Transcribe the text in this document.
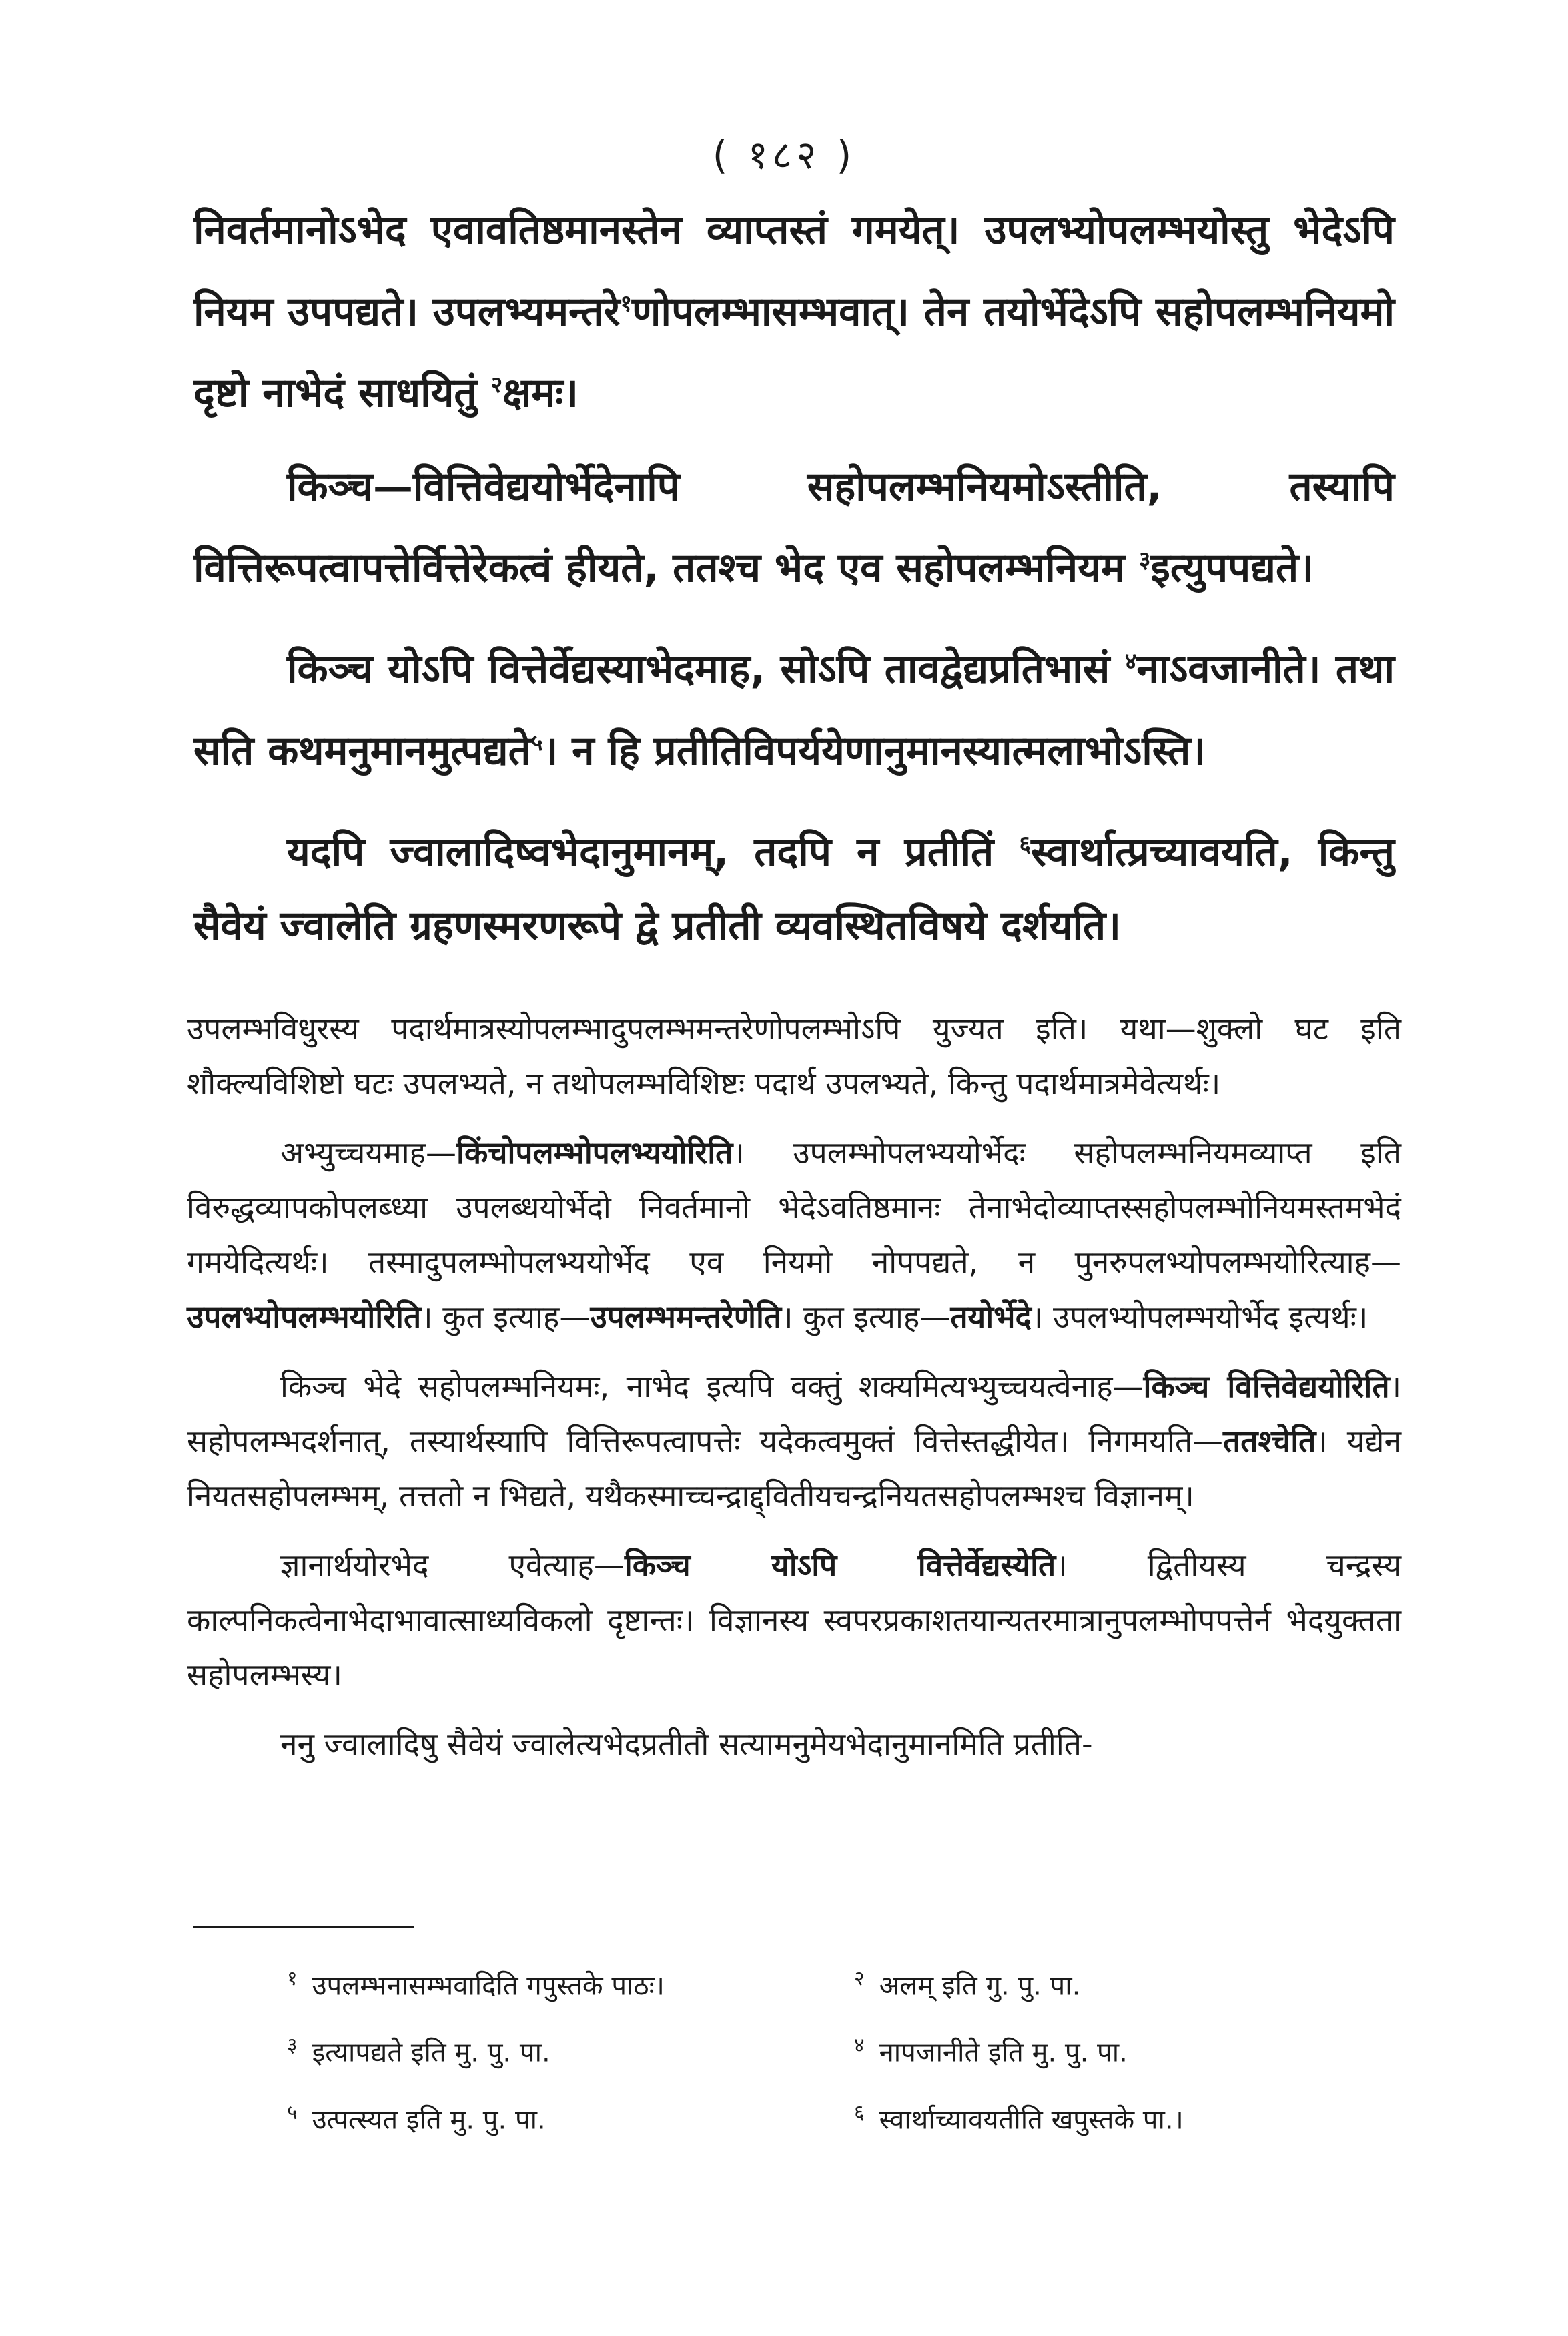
( १८२ )

निवर्तमानोऽभेद एवावतिष्ठमानस्तेन व्याप्तस्तं गमयेत्। उपलभ्योपलम्भयोस्तु भेदेऽपि नियम उपपद्यते। उपलभ्यमन्तरे$^१$णोपलम्भासम्भवात्। तेन तयोर्भेदेऽपि सहोपलम्भनियमो दृष्टो नाभेदं साधयितुं $^२$क्षमः।

किञ्च—वित्तिवेद्ययोर्भेदेनापि सहोपलम्भनियमोऽस्तीति, तस्यापि वित्तिरूपत्वापत्तेर्वित्तेरेकत्वं हीयते, ततश्च भेद एव सहोपलम्भनियम $^३$इत्युपपद्यते।

किञ्च योऽपि वित्तेर्वेद्यस्याभेदमाह, सोऽपि तावद्वेद्यप्रतिभासं $^४$नाऽवजानीते। तथा सति कथमनुमानमुत्पद्यते$^५$। न हि प्रतीतिविपर्ययेणानुमानस्यात्मलाभोऽस्ति।

यदपि ज्वालादिष्वभेदानुमानम्, तदपि न प्रतीतिं $^६$स्वार्थात्प्रच्यावयति, किन्तु सैवेयं ज्वालेति ग्रहणस्मरणरूपे द्वे प्रतीती व्यवस्थितविषये दर्शयति।

उपलम्भविधुरस्य पदार्थमात्रस्योपलम्भादुपलम्भमन्तरेणोपलम्भोऽपि युज्यत इति। यथा—शुक्लो घट इति शौक्ल्यविशिष्टो घटः उपलभ्यते, न तथोपलम्भविशिष्टः पदार्थ उपलभ्यते, किन्तु पदार्थमात्रमेवेत्यर्थः।

अभ्युच्चयमाह—किंचोपलम्भोपलभ्ययोरिति। उपलम्भोपलभ्ययोर्भेदः सहोपलम्भनियमव्याप्त इति विरुद्धव्यापकोपलब्ध्या उपलब्धयोर्भेदो निवर्तमानो भेदेऽवतिष्ठमानः तेनाभेदोव्याप्तस्सहोपलम्भोनियमस्तमभेदं गमयेदित्यर्थः। तस्मादुपलम्भोपलभ्ययोर्भेद एव नियमो नोपपद्यते, न पुनरुपलभ्योपलम्भयोरित्याह—उपलभ्योपलम्भयोरिति। कुत इत्याह—उपलम्भमन्तरेणेति। कुत इत्याह—तयोर्भेदे। उपलभ्योपलम्भयोर्भेद इत्यर्थः।

किञ्च भेदे सहोपलम्भनियमः, नाभेद इत्यपि वक्तुं शक्यमित्यभ्युच्चयत्वेनाह—किञ्च वित्तिवेद्ययोरिति। सहोपलम्भदर्शनात्, तस्यार्थस्यापि वित्तिरूपत्वापत्तेः यदेकत्वमुक्तं वित्तेस्तद्धीयेत। निगमयति—ततश्चेति। यद्येन नियतसहोपलम्भम्, तत्ततो न भिद्यते, यथैकस्माच्चन्द्राद्द्वितीयचन्द्रनियतसहोपलम्भश्च विज्ञानम्।

ज्ञानार्थयोरभेद एवेत्याह—किञ्च योऽपि वित्तेर्वेद्यस्येति। द्वितीयस्य चन्द्रस्य काल्पनिकत्वेनाभेदाभावात्साध्यविकलो दृष्टान्तः। विज्ञानस्य स्वपरप्रकाशतयान्यतरमात्रानुपलम्भोपपत्तेर्न भेदयुक्तता सहोपलम्भस्य।

ननु ज्वालादिषु सैवेयं ज्वालेत्यभेदप्रतीतौ सत्यामनुमेयभेदानुमानमिति प्रतीति-

$^१$ उपलम्भनासम्भवादिति गपुस्तके पाठः।	$^२$ अलम् इति गु. पु. पा.
$^३$ इत्यापद्यते इति मु. पु. पा.	$^४$ नापजानीते इति मु. पु. पा.
$^५$ उत्पत्स्यत इति मु. पु. पा.	$^६$ स्वार्थाच्यावयतीति खपुस्तके पा.।
